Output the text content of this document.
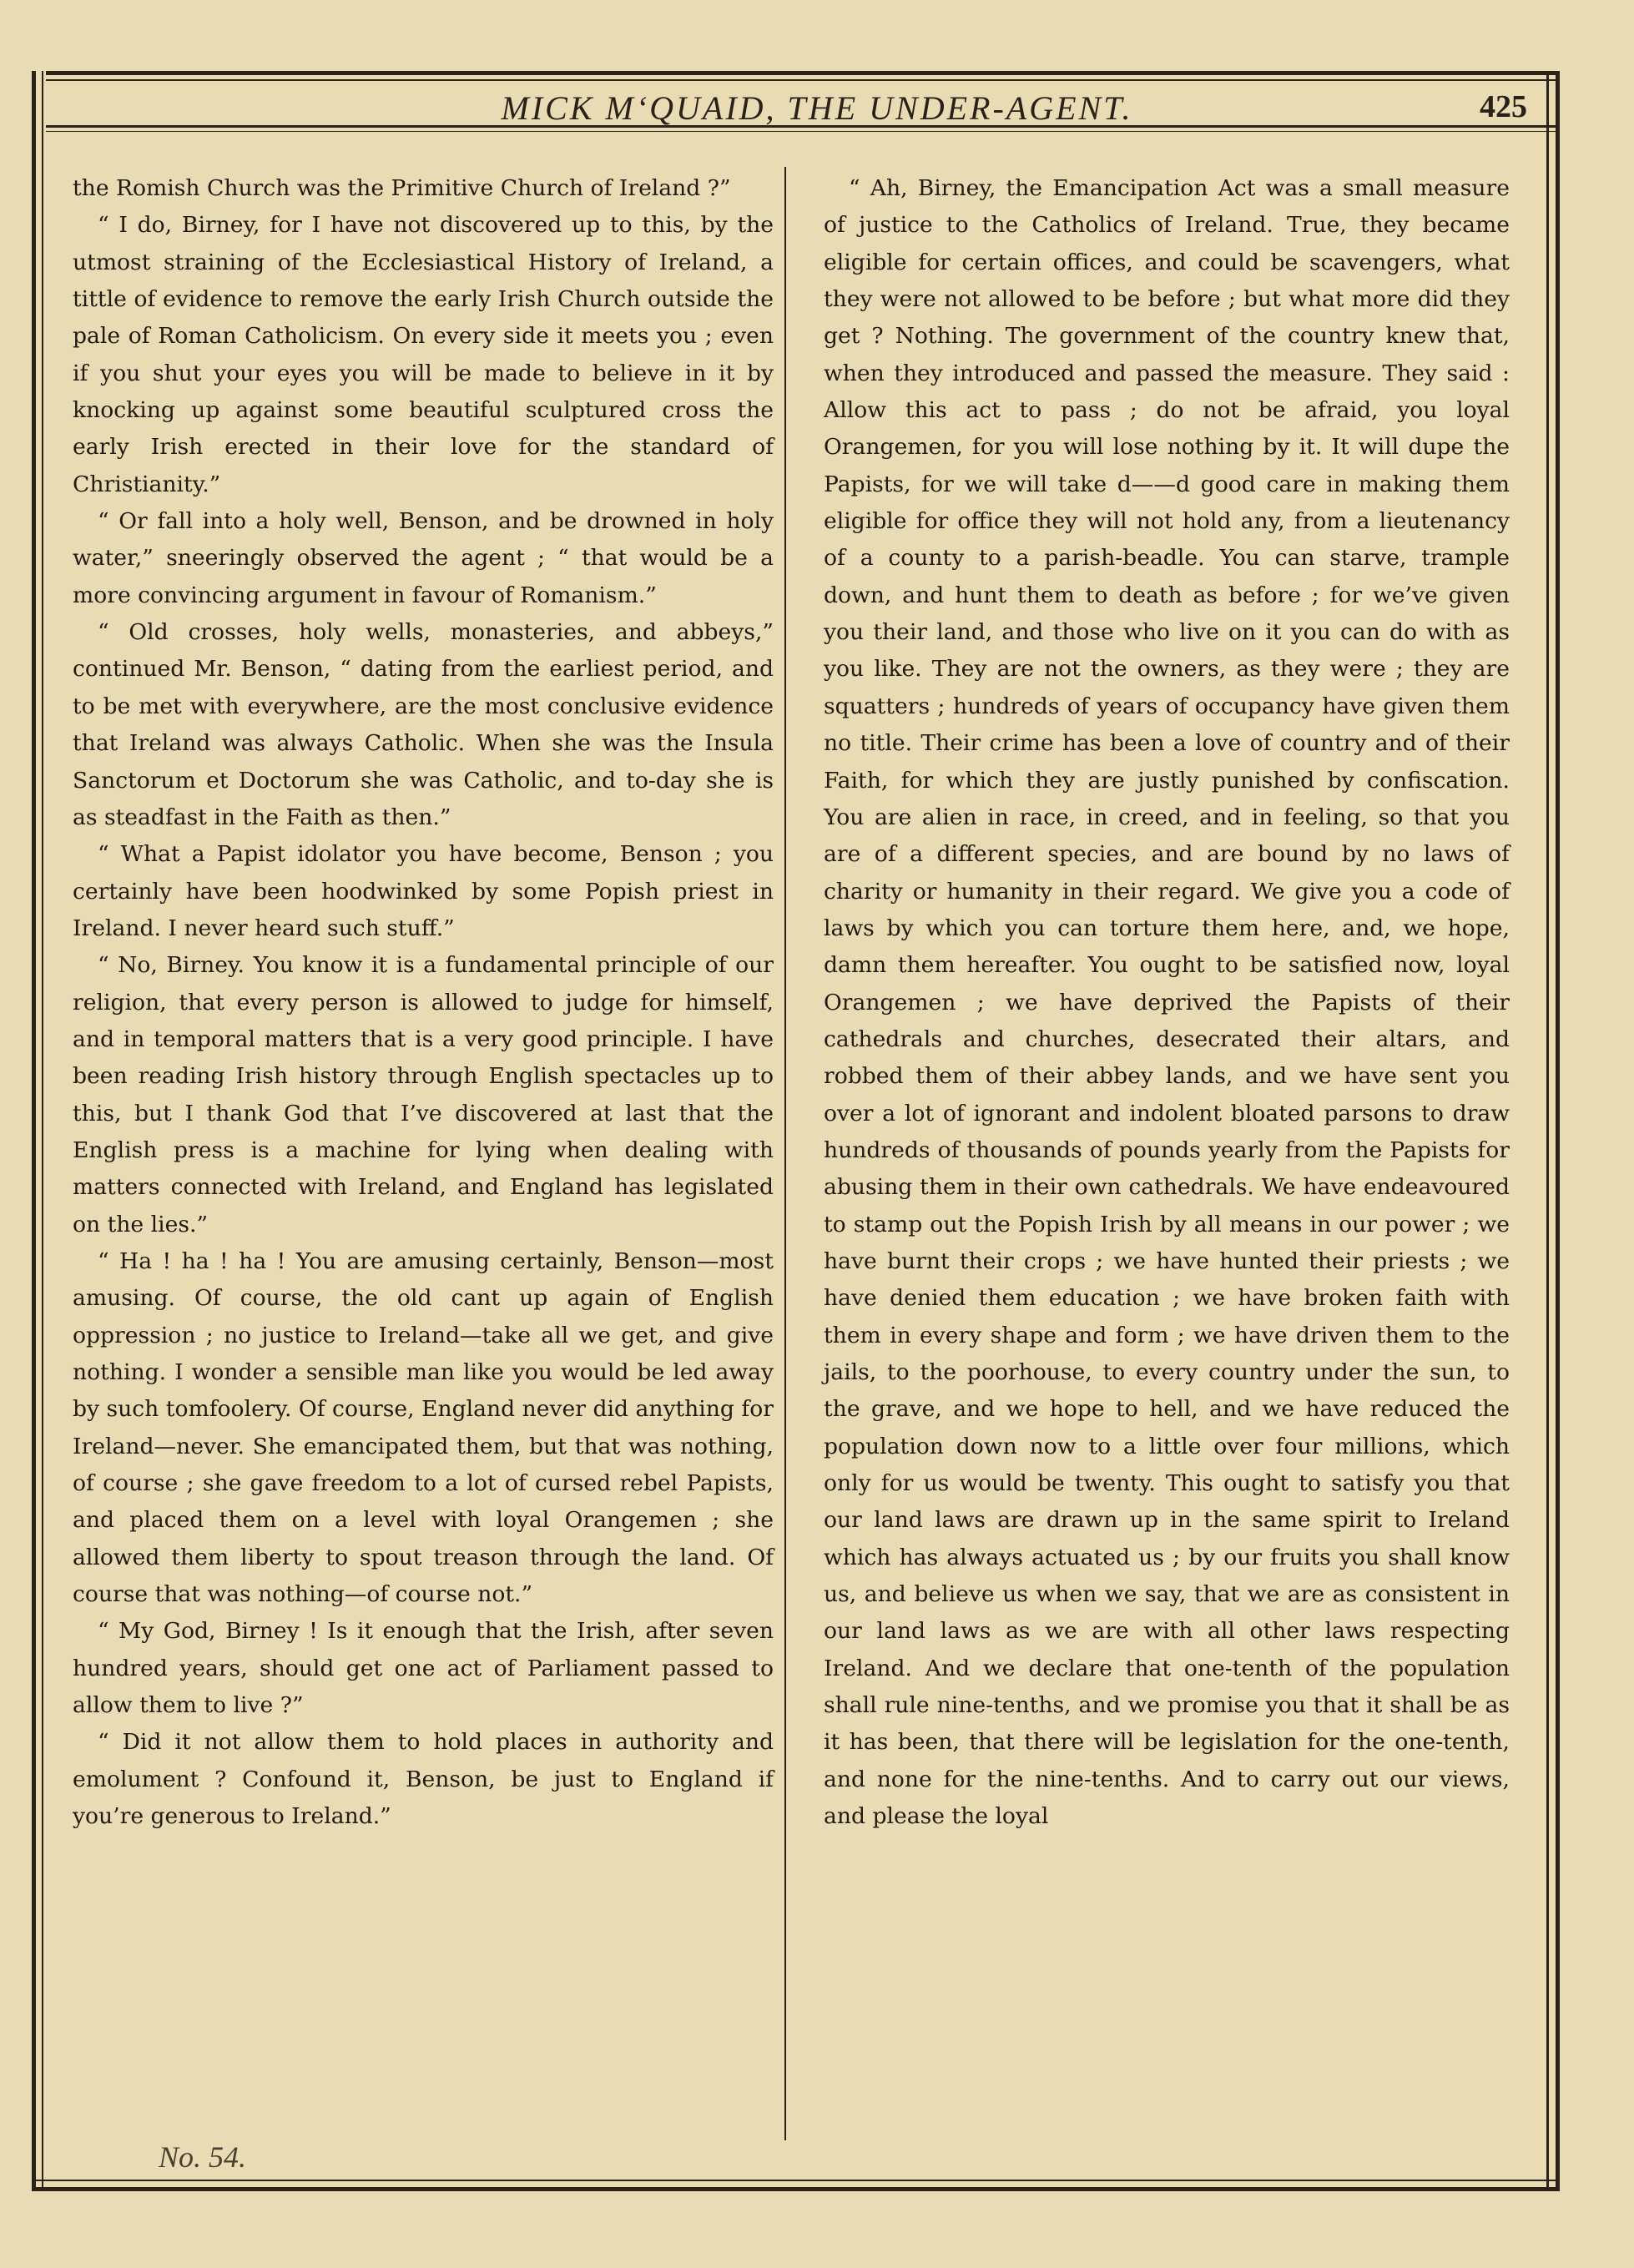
MICK M‘QUAID, THE UNDER-AGENT.	425

the Romish Church was the Primitive Church of Ireland ?”

“ I do, Birney, for I have not discovered up to this, by the utmost straining of the Ecclesiastical History of Ireland, a tittle of evidence to remove the early Irish Church outside the pale of Roman Catholicism. On every side it meets you ; even if you shut your eyes you will be made to believe in it by knocking up against some beautiful sculptured cross the early Irish erected in their love for the standard of Christianity.”

“ Or fall into a holy well, Benson, and be drowned in holy water,” sneeringly observed the agent ; “ that would be a more convincing argument in favour of Romanism.”

“ Old crosses, holy wells, monasteries, and abbeys,” continued Mr. Benson, “ dating from the earliest period, and to be met with everywhere, are the most conclusive evidence that Ireland was always Catholic. When she was the Insula Sanctorum et Doctorum she was Catholic, and to-day she is as steadfast in the Faith as then.”

“ What a Papist idolator you have become, Benson ; you certainly have been hoodwinked by some Popish priest in Ireland. I never heard such stuff.”

“ No, Birney. You know it is a fundamental principle of our religion, that every person is allowed to judge for himself, and in temporal matters that is a very good principle. I have been reading Irish history through English spectacles up to this, but I thank God that I’ve discovered at last that the English press is a machine for lying when dealing with matters connected with Ireland, and England has legislated on the lies.”

“ Ha ! ha ! ha ! You are amusing certainly, Benson—most amusing. Of course, the old cant up again of English oppression ; no justice to Ireland—take all we get, and give nothing. I wonder a sensible man like you would be led away by such tomfoolery. Of course, England never did anything for Ireland—never. She emancipated them, but that was nothing, of course ; she gave freedom to a lot of cursed rebel Papists, and placed them on a level with loyal Orangemen ; she allowed them liberty to spout treason through the land. Of course that was nothing—of course not.”

“ My God, Birney ! Is it enough that the Irish, after seven hundred years, should get one act of Parliament passed to allow them to live ?”

“ Did it not allow them to hold places in authority and emolument ? Confound it, Benson, be just to England if you’re generous to Ireland.”

“ Ah, Birney, the Emancipation Act was a small measure of justice to the Catholics of Ireland. True, they became eligible for certain offices, and could be scavengers, what they were not allowed to be before ; but what more did they get ? Nothing. The government of the country knew that, when they introduced and passed the measure. They said : Allow this act to pass ; do not be afraid, you loyal Orangemen, for you will lose nothing by it. It will dupe the Papists, for we will take d——d good care in making them eligible for office they will not hold any, from a lieutenancy of a county to a parish-beadle. You can starve, trample down, and hunt them to death as before ; for we’ve given you their land, and those who live on it you can do with as you like. They are not the owners, as they were ; they are squatters ; hundreds of years of occupancy have given them no title. Their crime has been a love of country and of their Faith, for which they are justly punished by confiscation. You are alien in race, in creed, and in feeling, so that you are of a different species, and are bound by no laws of charity or humanity in their regard. We give you a code of laws by which you can torture them here, and, we hope, damn them hereafter. You ought to be satisfied now, loyal Orangemen ; we have deprived the Papists of their cathedrals and churches, desecrated their altars, and robbed them of their abbey lands, and we have sent you over a lot of ignorant and indolent bloated parsons to draw hundreds of thousands of pounds yearly from the Papists for abusing them in their own cathedrals. We have endeavoured to stamp out the Popish Irish by all means in our power ; we have burnt their crops ; we have hunted their priests ; we have denied them education ; we have broken faith with them in every shape and form ; we have driven them to the jails, to the poorhouse, to every country under the sun, to the grave, and we hope to hell, and we have reduced the population down now to a little over four millions, which only for us would be twenty. This ought to satisfy you that our land laws are drawn up in the same spirit to Ireland which has always actuated us ; by our fruits you shall know us, and believe us when we say, that we are as consistent in our land laws as we are with all other laws respecting Ireland. And we declare that one-tenth of the population shall rule nine-tenths, and we promise you that it shall be as it has been, that there will be legislation for the one-tenth, and none for the nine-tenths. And to carry out our views, and please the loyal

No. 54.
